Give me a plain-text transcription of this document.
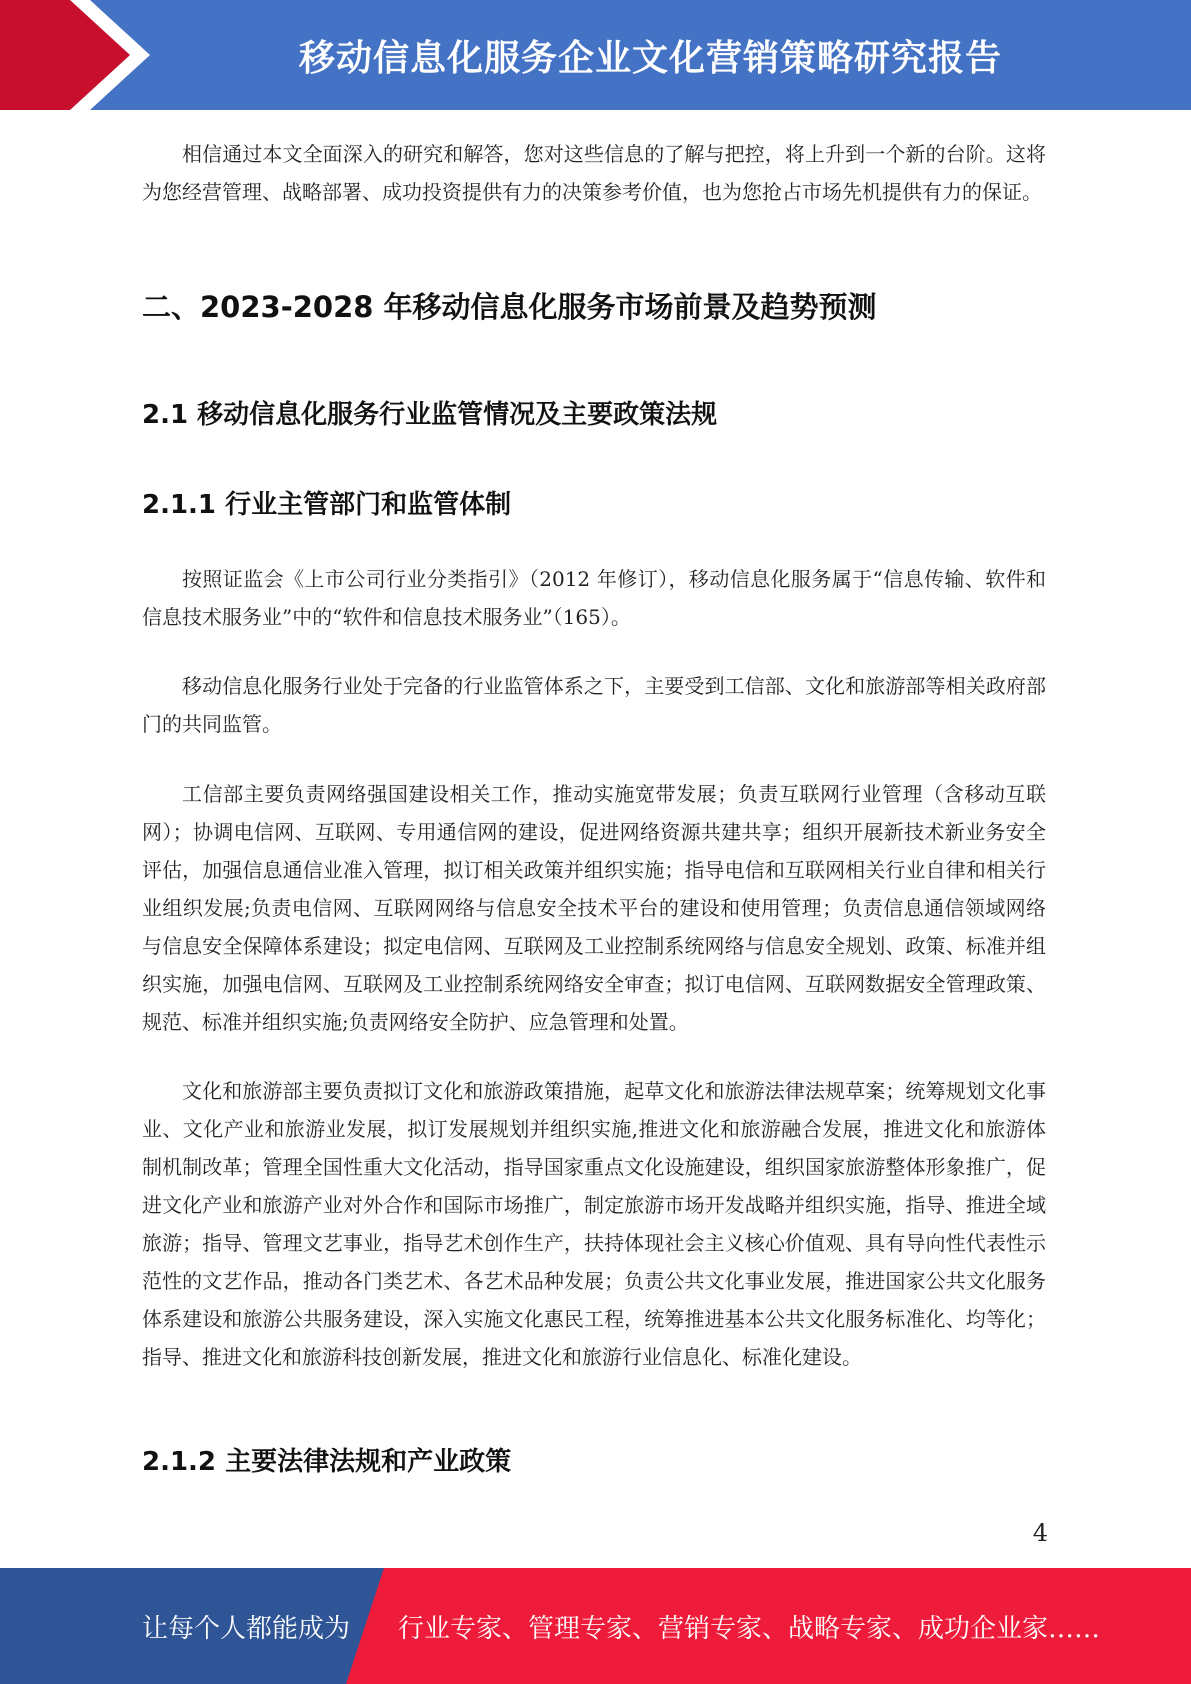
移动信息化服务企业文化营销策略研究报告

相信通过本文全面深入的研究和解答，您对这些信息的了解与把控，将上升到一个新的台阶。这将为您经营管理、战略部署、成功投资提供有力的决策参考价值，也为您抢占市场先机提供有力的保证。

二、2023-2028 年移动信息化服务市场前景及趋势预测
2.1 移动信息化服务行业监管情况及主要政策法规
2.1.1 行业主管部门和监管体制

按照证监会《上市公司行业分类指引》（2012 年修订），移动信息化服务属于“信息传输、软件和信息技术服务业”中的“软件和信息技术服务业”（165）。

移动信息化服务行业处于完备的行业监管体系之下，主要受到工信部、文化和旅游部等相关政府部门的共同监管。

工信部主要负责网络强国建设相关工作，推动实施宽带发展；负责互联网行业管理（含移动互联网）；协调电信网、互联网、专用通信网的建设，促进网络资源共建共享；组织开展新技术新业务安全评估，加强信息通信业准入管理，拟订相关政策并组织实施；指导电信和互联网相关行业自律和相关行业组织发展;负责电信网、互联网网络与信息安全技术平台的建设和使用管理；负责信息通信领域网络与信息安全保障体系建设；拟定电信网、互联网及工业控制系统网络与信息安全规划、政策、标准并组织实施，加强电信网、互联网及工业控制系统网络安全审查；拟订电信网、互联网数据安全管理政策、规范、标准并组织实施;负责网络安全防护、应急管理和处置。

文化和旅游部主要负责拟订文化和旅游政策措施，起草文化和旅游法律法规草案；统筹规划文化事业、文化产业和旅游业发展，拟订发展规划并组织实施,推进文化和旅游融合发展，推进文化和旅游体制机制改革；管理全国性重大文化活动，指导国家重点文化设施建设，组织国家旅游整体形象推广，促进文化产业和旅游产业对外合作和国际市场推广，制定旅游市场开发战略并组织实施，指导、推进全域旅游；指导、管理文艺事业，指导艺术创作生产，扶持体现社会主义核心价值观、具有导向性代表性示范性的文艺作品，推动各门类艺术、各艺术品种发展；负责公共文化事业发展，推进国家公共文化服务体系建设和旅游公共服务建设，深入实施文化惠民工程，统筹推进基本公共文化服务标准化、均等化；指导、推进文化和旅游科技创新发展，推进文化和旅游行业信息化、标准化建设。

2.1.2 主要法律法规和产业政策
4
让每个人都能成为 行业专家、管理专家、营销专家、战略专家、成功企业家……
